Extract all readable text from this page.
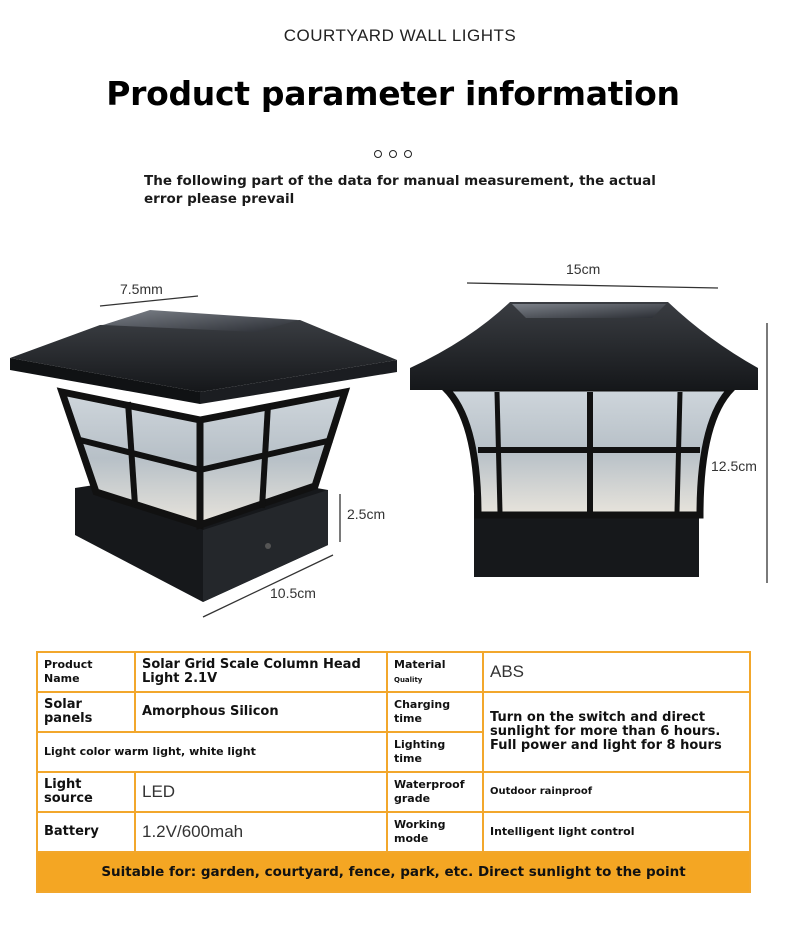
COURTYARD WALL LIGHTS
Product parameter information
The following part of the data for manual measurement, the actual error please prevail
7.5mm
2.5cm
10.5cm
15cm
12.5cm
Product Name	Solar Grid Scale Column Head Light 2.1V	Material Quality	ABS
Solar panels	Amorphous Silicon	Charging time	Turn on the switch and direct sunlight for more than 6 hours. Full power and light for 8 hours
Light color warm light, white light		Lighting time	
Light source	LED	Waterproof grade	Outdoor rainproof
Battery	1.2V/600mah	Working mode	Intelligent light control
Suitable for: garden, courtyard, fence, park, etc. Direct sunlight to the point			
